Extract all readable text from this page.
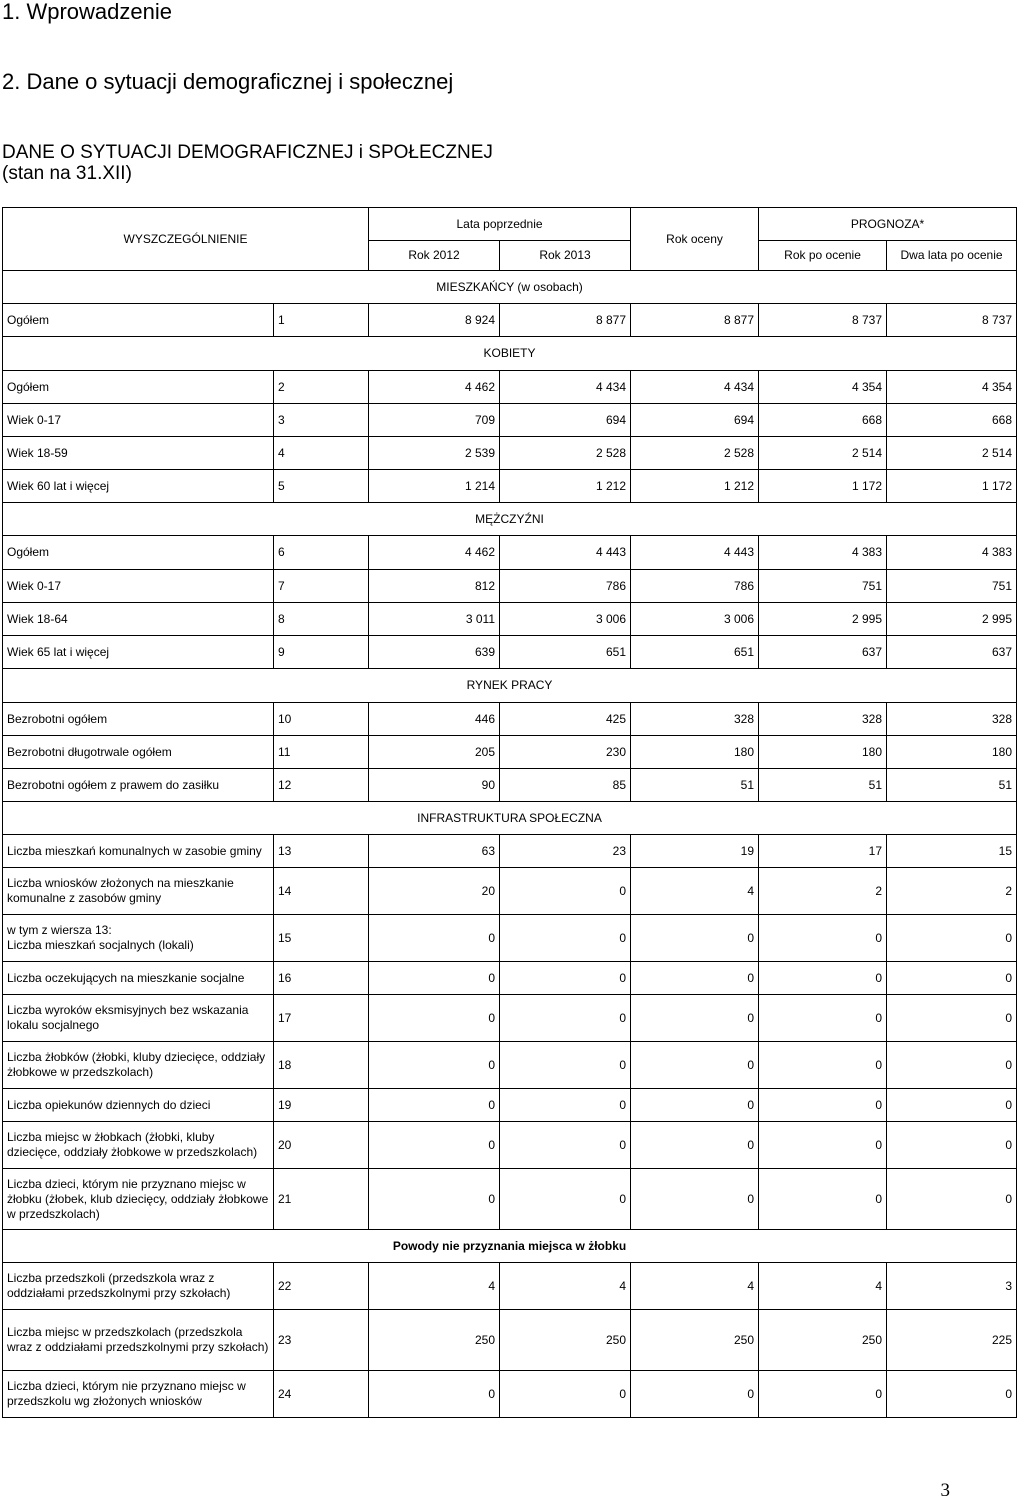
1. Wprowadzenie
2. Dane o sytuacji demograficznej i społecznej
DANE O SYTUACJI DEMOGRAFICZNEJ i SPOŁECZNEJ
(stan na 31.XII)
WYSZCZEGÓLNIENIE		Lata poprzednie		Rok oceny	PROGNOZA*	
		Rok 2012	Rok 2013		Rok po ocenie	Dwa lata po ocenie
MIESZKAŃCY (w osobach)						
Ogółem	1	8 924	8 877	8 877	8 737	8 737
KOBIETY						
Ogółem	2	4 462	4 434	4 434	4 354	4 354
Wiek 0-17	3	709	694	694	668	668
Wiek 18-59	4	2 539	2 528	2 528	2 514	2 514
Wiek 60 lat i więcej	5	1 214	1 212	1 212	1 172	1 172
MĘŻCZYŹNI						
Ogółem	6	4 462	4 443	4 443	4 383	4 383
Wiek 0-17	7	812	786	786	751	751
Wiek 18-64	8	3 011	3 006	3 006	2 995	2 995
Wiek 65 lat i więcej	9	639	651	651	637	637
RYNEK PRACY						
Bezrobotni ogółem	10	446	425	328	328	328
Bezrobotni długotrwale ogółem	11	205	230	180	180	180
Bezrobotni ogółem z prawem do zasiłku	12	90	85	51	51	51
INFRASTRUKTURA SPOŁECZNA						
Liczba mieszkań komunalnych w zasobie gminy	13	63	23	19	17	15
Liczba wniosków złożonych na mieszkanie komunalne z zasobów gminy	14	20	0	4	2	2
w tym z wiersza 13:
Liczba mieszkań socjalnych (lokali)	15	0	0	0	0	0
Liczba oczekujących na mieszkanie socjalne	16	0	0	0	0	0
Liczba wyroków eksmisyjnych bez wskazania lokalu socjalnego	17	0	0	0	0	0
Liczba żłobków (żłobki, kluby dziecięce, oddziały żłobkowe w przedszkolach)	18	0	0	0	0	0
Liczba opiekunów dziennych do dzieci	19	0	0	0	0	0
Liczba miejsc w żłobkach (żłobki, kluby dziecięce, oddziały żłobkowe w przedszkolach)	20	0	0	0	0	0
Liczba dzieci, którym nie przyznano miejsc w żłobku (żłobek, klub dziecięcy, oddziały żłobkowe w przedszkolach)	21	0	0	0	0	0
Powody nie przyznania miejsca w żłobku						
Liczba przedszkoli (przedszkola wraz z oddziałami przedszkolnymi przy szkołach)	22	4	4	4	4	3
Liczba miejsc w przedszkolach (przedszkola wraz z oddziałami przedszkolnymi przy szkołach)	23	250	250	250	250	225
Liczba dzieci, którym nie przyznano miejsc w przedszkolu wg złożonych wniosków	24	0	0	0	0	0
3
